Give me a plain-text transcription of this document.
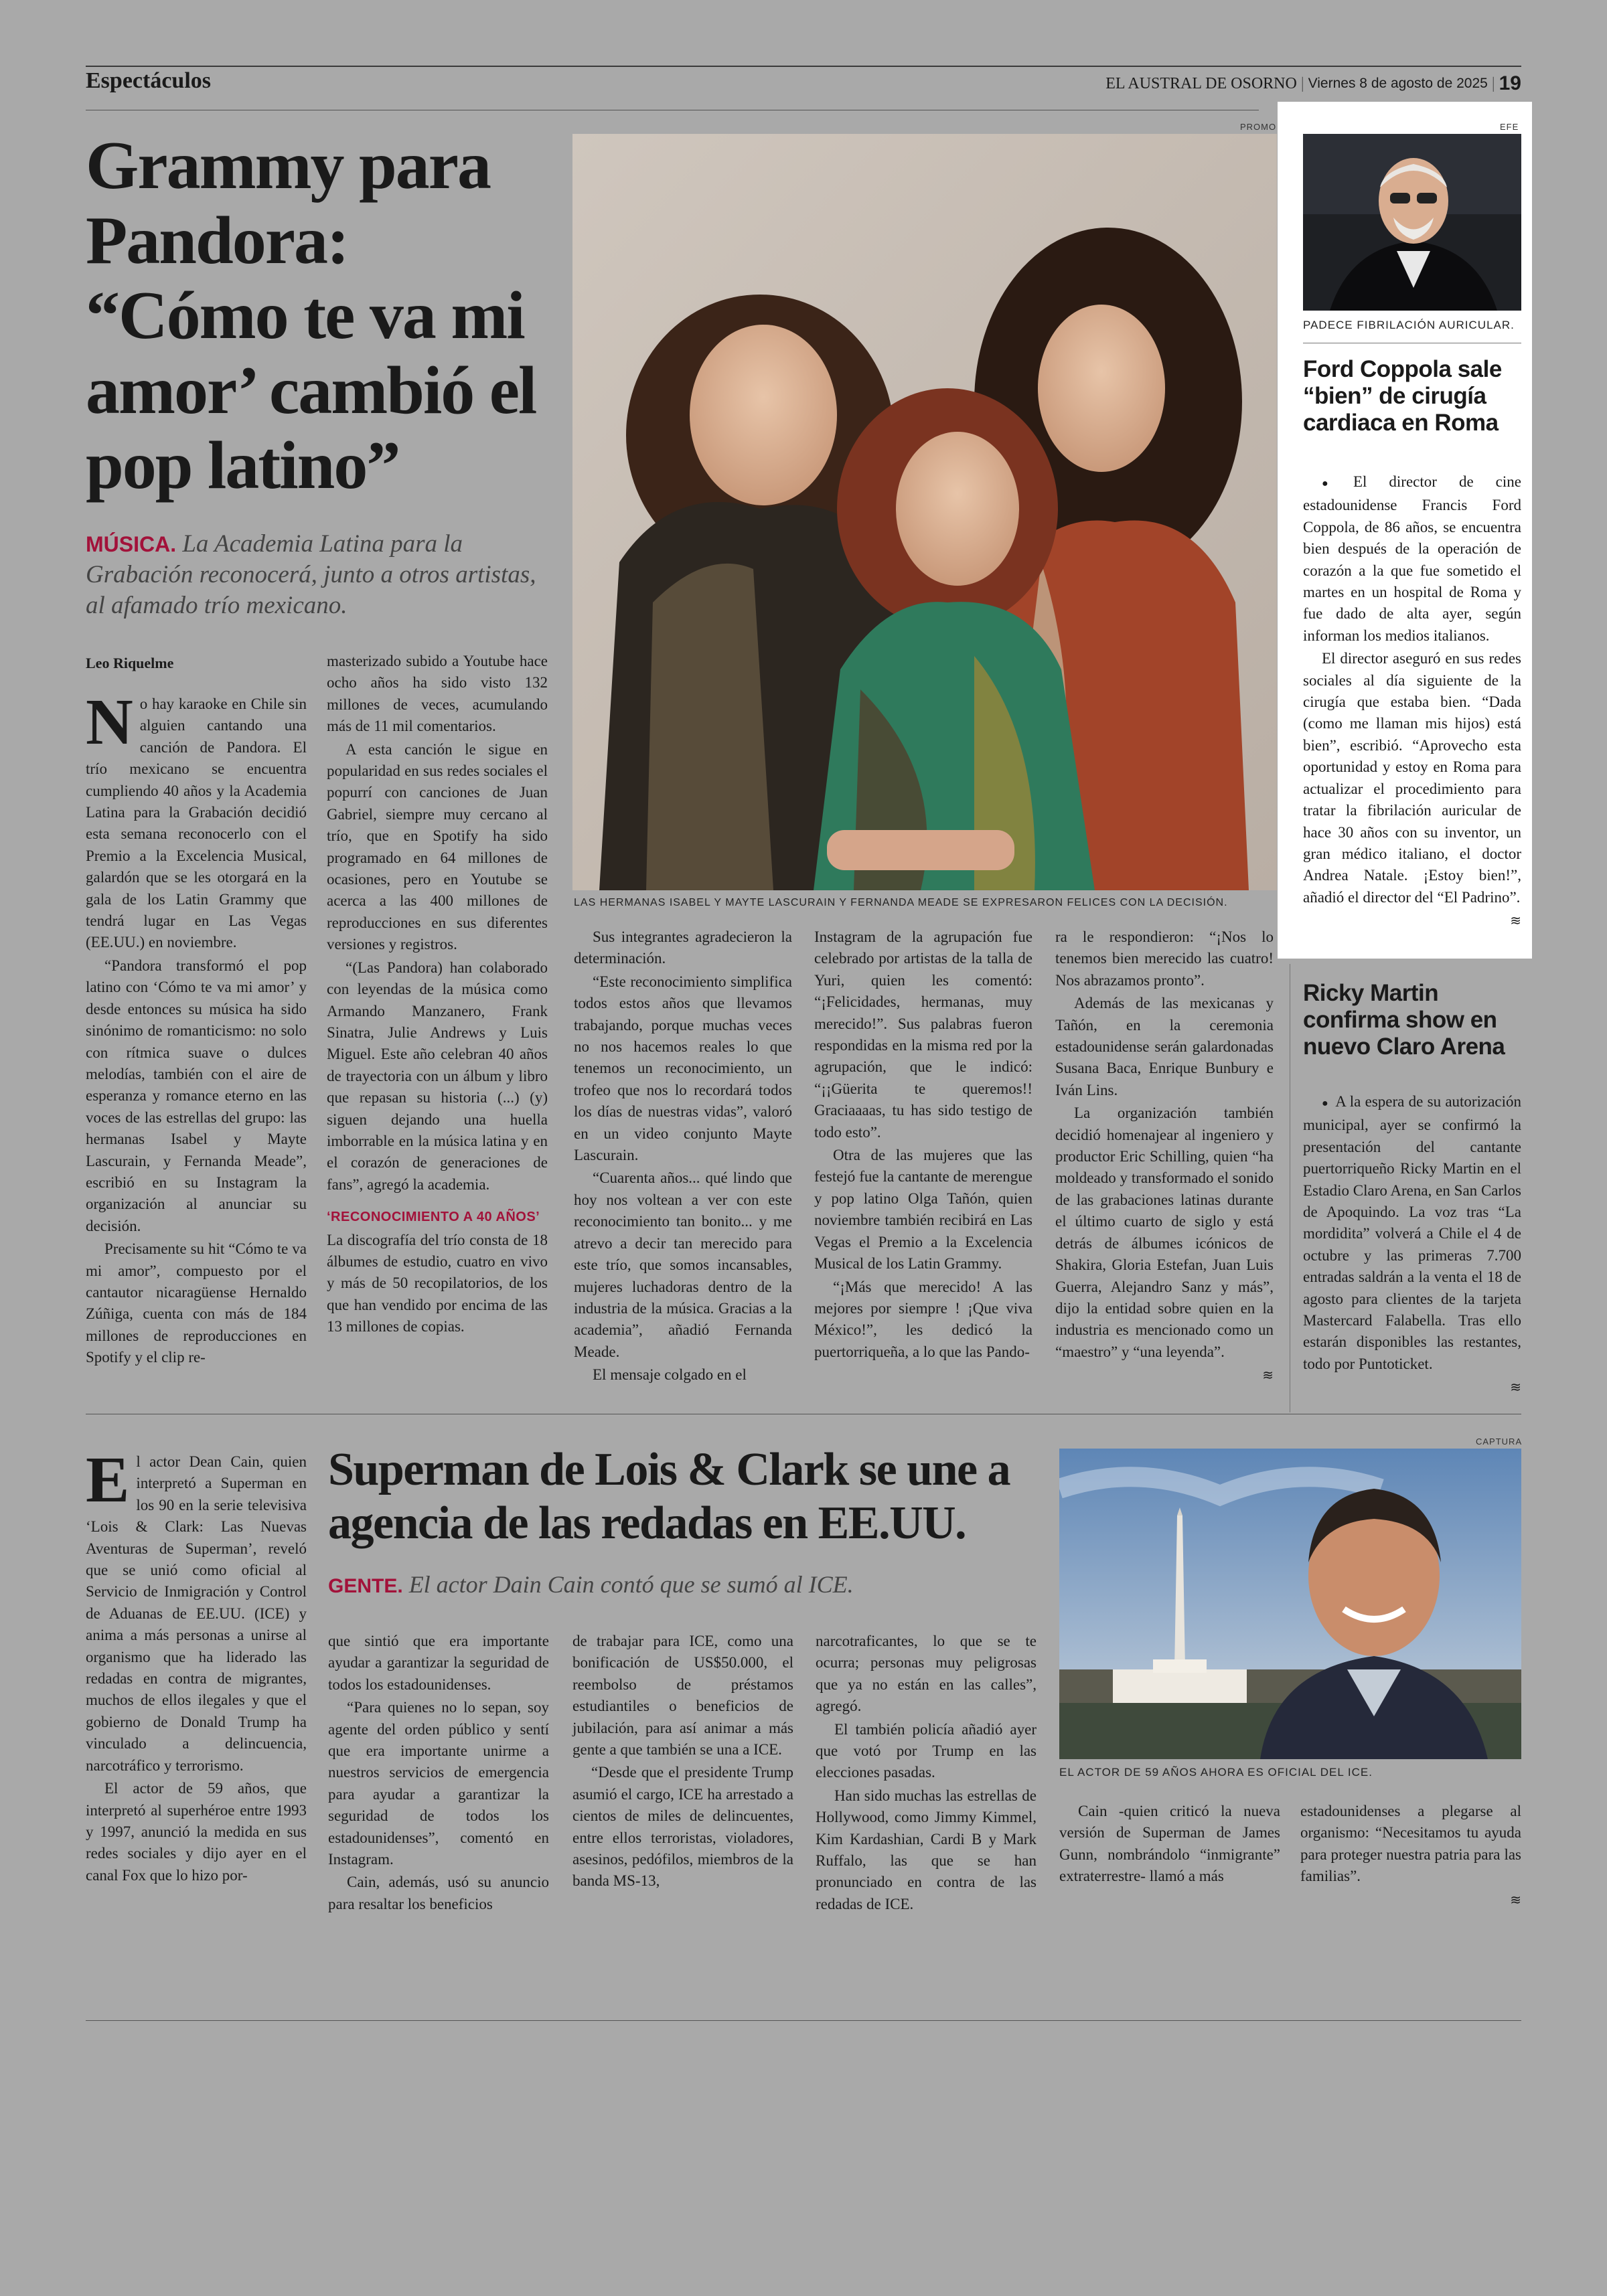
Espectáculos	EL AUSTRAL DE OSORNO | Viernes 8 de agosto de 2025 | 19
Grammy para Pandora: “Cómo te va mi amor’ cambió el pop latino”
MÚSICA. La Academia Latina para la Grabación reconocerá, junto a otros artistas, al afamado trío mexicano.
Leo Riquelme
PROMO
LAS HERMANAS ISABEL Y MAYTE LASCURAIN Y FERNANDA MEADE SE EXPRESARON FELICES CON LA DECISIÓN.

No hay karaoke en Chile sin alguien cantando una canción de Pandora. El trío mexicano se encuentra cumpliendo 40 años y la Academia Latina para la Grabación decidió esta semana reconocerlo con el Premio a la Excelencia Musical, galardón que se les otorgará en la gala de los Latin Grammy que tendrá lugar en Las Vegas (EE.UU.) en noviembre.

“Pandora transformó el pop latino con ‘Cómo te va mi amor’ y desde entonces su música ha sido sinónimo de romanticismo: no solo con rítmica suave o dulces melodías, también con el aire de esperanza y romance eterno en las voces de las estrellas del grupo: las hermanas Isabel y Mayte Lascurain, y Fernanda Meade”, escribió en su Instagram la organización al anunciar su decisión.

Precisamente su hit “Cómo te va mi amor”, compuesto por el cantautor nicaragüense Hernaldo Zúñiga, cuenta con más de 184 millones de reproducciones en Spotify y el clip re-

masterizado subido a Youtube hace ocho años ha sido visto 132 millones de veces, acumulando más de 11 mil comentarios.

A esta canción le sigue en popularidad en sus redes sociales el popurrí con canciones de Juan Gabriel, siempre muy cercano al trío, que en Spotify ha sido programado en 64 millones de ocasiones, pero en Youtube se acerca a las 400 millones de reproducciones en sus diferentes versiones y registros.

“(Las Pandora) han colaborado con leyendas de la música como Armando Manzanero, Frank Sinatra, Julie Andrews y Luis Miguel. Este año celebran 40 años de trayectoria con un álbum y libro que repasan su historia (...) (y) siguen dejando una huella imborrable en la música latina y en el corazón de generaciones de fans”, agregó la academia.

‘RECONOCIMIENTO A 40 AÑOS’

La discografía del trío consta de 18 álbumes de estudio, cuatro en vivo y más de 50 recopilatorios, de los que han vendido por encima de las 13 millones de copias.

Sus integrantes agradecieron la determinación.

“Este reconocimiento simplifica todos estos años que llevamos trabajando, porque muchas veces no nos hacemos reales lo que tenemos un reconocimiento, un trofeo que nos lo recordará todos los días de nuestras vidas”, valoró en un video conjunto Mayte Lascurain.

“Cuarenta años... qué lindo que hoy nos voltean a ver con este reconocimiento tan bonito... y me atrevo a decir tan merecido para este trío, que somos incansables, mujeres luchadoras dentro de la industria de la música. Gracias a la academia”, añadió Fernanda Meade.

El mensaje colgado en el

Instagram de la agrupación fue celebrado por artistas de la talla de Yuri, quien les comentó: “¡Felicidades, hermanas, muy merecido!”. Sus palabras fueron respondidas en la misma red por la agrupación, que le indicó: “¡¡Güerita te queremos!! Graciaaaas, tu has sido testigo de todo esto”.

Otra de las mujeres que las festejó fue la cantante de merengue y pop latino Olga Tañón, quien noviembre también recibirá en Las Vegas el Premio a la Excelencia Musical de los Latin Grammy.

“¡Más que merecido! A las mejores por siempre ! ¡Que viva México!”, les dedicó la puertorriqueña, a lo que las Pando-

ra le respondieron: “¡Nos lo tenemos bien merecido las cuatro! Nos abrazamos pronto”.

Además de las mexicanas y Tañón, en la ceremonia estadounidense serán galardonadas Susana Baca, Enrique Bunbury e Iván Lins.

La organización también decidió homenajear al ingeniero y productor Eric Schilling, quien “ha moldeado y transformado el sonido de las grabaciones latinas durante el último cuarto de siglo y está detrás de álbumes icónicos de Shakira, Gloria Estefan, Juan Luis Guerra, Alejandro Sanz y más”, dijo la entidad sobre quien en la industria es mencionado como un “maestro” y “una leyenda”.

≋
EFE
PADECE FIBRILACIÓN AURICULAR.
Ford Coppola sale “bien” de cirugía cardiaca en Roma

● El director de cine estadounidense Francis Ford Coppola, de 86 años, se encuentra bien después de la operación de corazón a la que fue sometido el martes en un hospital de Roma y fue dado de alta ayer, según informan los medios italianos.

El director aseguró en sus redes sociales al día siguiente de la cirugía que estaba bien. “Dada (como me llaman mis hijos) está bien”, escribió. “Aprovecho esta oportunidad y estoy en Roma para actualizar el procedimiento para tratar la fibrilación auricular de hace 30 años con su inventor, un gran médico italiano, el doctor Andrea Natale. ¡Estoy bien!”, añadió el director del “El Padrino”.

≋
Ricky Martin confirma show en nuevo Claro Arena

● A la espera de su autorización municipal, ayer se confirmó la presentación del cantante puertorriqueño Ricky Martin en el Estadio Claro Arena, en San Carlos de Apoquindo. La voz tras “La mordidita” volverá a Chile el 4 de octubre y las primeras 7.700 entradas saldrán a la venta el 18 de agosto para clientes de la tarjeta Mastercard Falabella. Tras ello estarán disponibles las restantes, todo por Puntoticket.

≋

El actor Dean Cain, quien interpretó a Superman en los 90 en la serie televisiva ‘Lois & Clark: Las Nuevas Aventuras de Superman’, reveló que se unió como oficial al Servicio de Inmigración y Control de Aduanas de EE.UU. (ICE) y anima a más personas a unirse al organismo que ha liderado las redadas en contra de migrantes, muchos de ellos ilegales y que el gobierno de Donald Trump ha vinculado a delincuencia, narcotráfico y terrorismo.

El actor de 59 años, que interpretó al superhéroe entre 1993 y 1997, anunció la medida en sus redes sociales y dijo ayer en el canal Fox que lo hizo por-

Superman de Lois & Clark se une a agencia de las redadas en EE.UU.
GENTE. El actor Dain Cain contó que se sumó al ICE.

que sintió que era importante ayudar a garantizar la seguridad de todos los estadounidenses.

“Para quienes no lo sepan, soy agente del orden público y sentí que era importante unirme a nuestros servicios de emergencia para ayudar a garantizar la seguridad de todos los estadounidenses”, comentó en Instagram.

Cain, además, usó su anuncio para resaltar los beneficios

de trabajar para ICE, como una bonificación de US$50.000, el reembolso de préstamos estudiantiles o beneficios de jubilación, para así animar a más gente a que también se una a ICE.

“Desde que el presidente Trump asumió el cargo, ICE ha arrestado a cientos de miles de delincuentes, entre ellos terroristas, violadores, asesinos, pedófilos, miembros de la banda MS-13,

narcotraficantes, lo que se te ocurra; personas muy peligrosas que ya no están en las calles”, agregó.

El también policía añadió ayer que votó por Trump en las elecciones pasadas.

Han sido muchas las estrellas de Hollywood, como Jimmy Kimmel, Kim Kardashian, Cardi B y Mark Ruffalo, las que se han pronunciado en contra de las redadas de ICE.

CAPTURA
EL ACTOR DE 59 AÑOS AHORA ES OFICIAL DEL ICE.

Cain -quien criticó la nueva versión de Superman de James Gunn, nombrándolo “inmigrante” extraterrestre- llamó a más

estadounidenses a plegarse al organismo: “Necesitamos tu ayuda para proteger nuestra patria para las familias”.

≋
